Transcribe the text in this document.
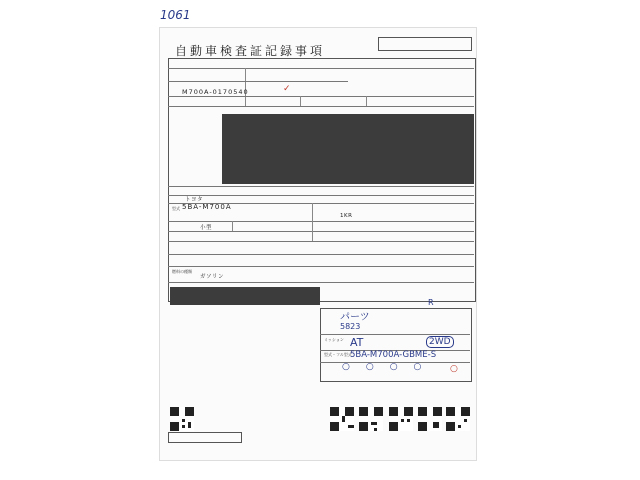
1061
自動車検査証記録事項
M700A-0170540	✓
トヨタ
型式 5BA-M700A
1KR
小型
燃料の種類
ガソリン
R
パーツ
5823
ミッション AT	2WD
型式・フル型式
5BA-M700A-GBME-S
○○○○ ○
